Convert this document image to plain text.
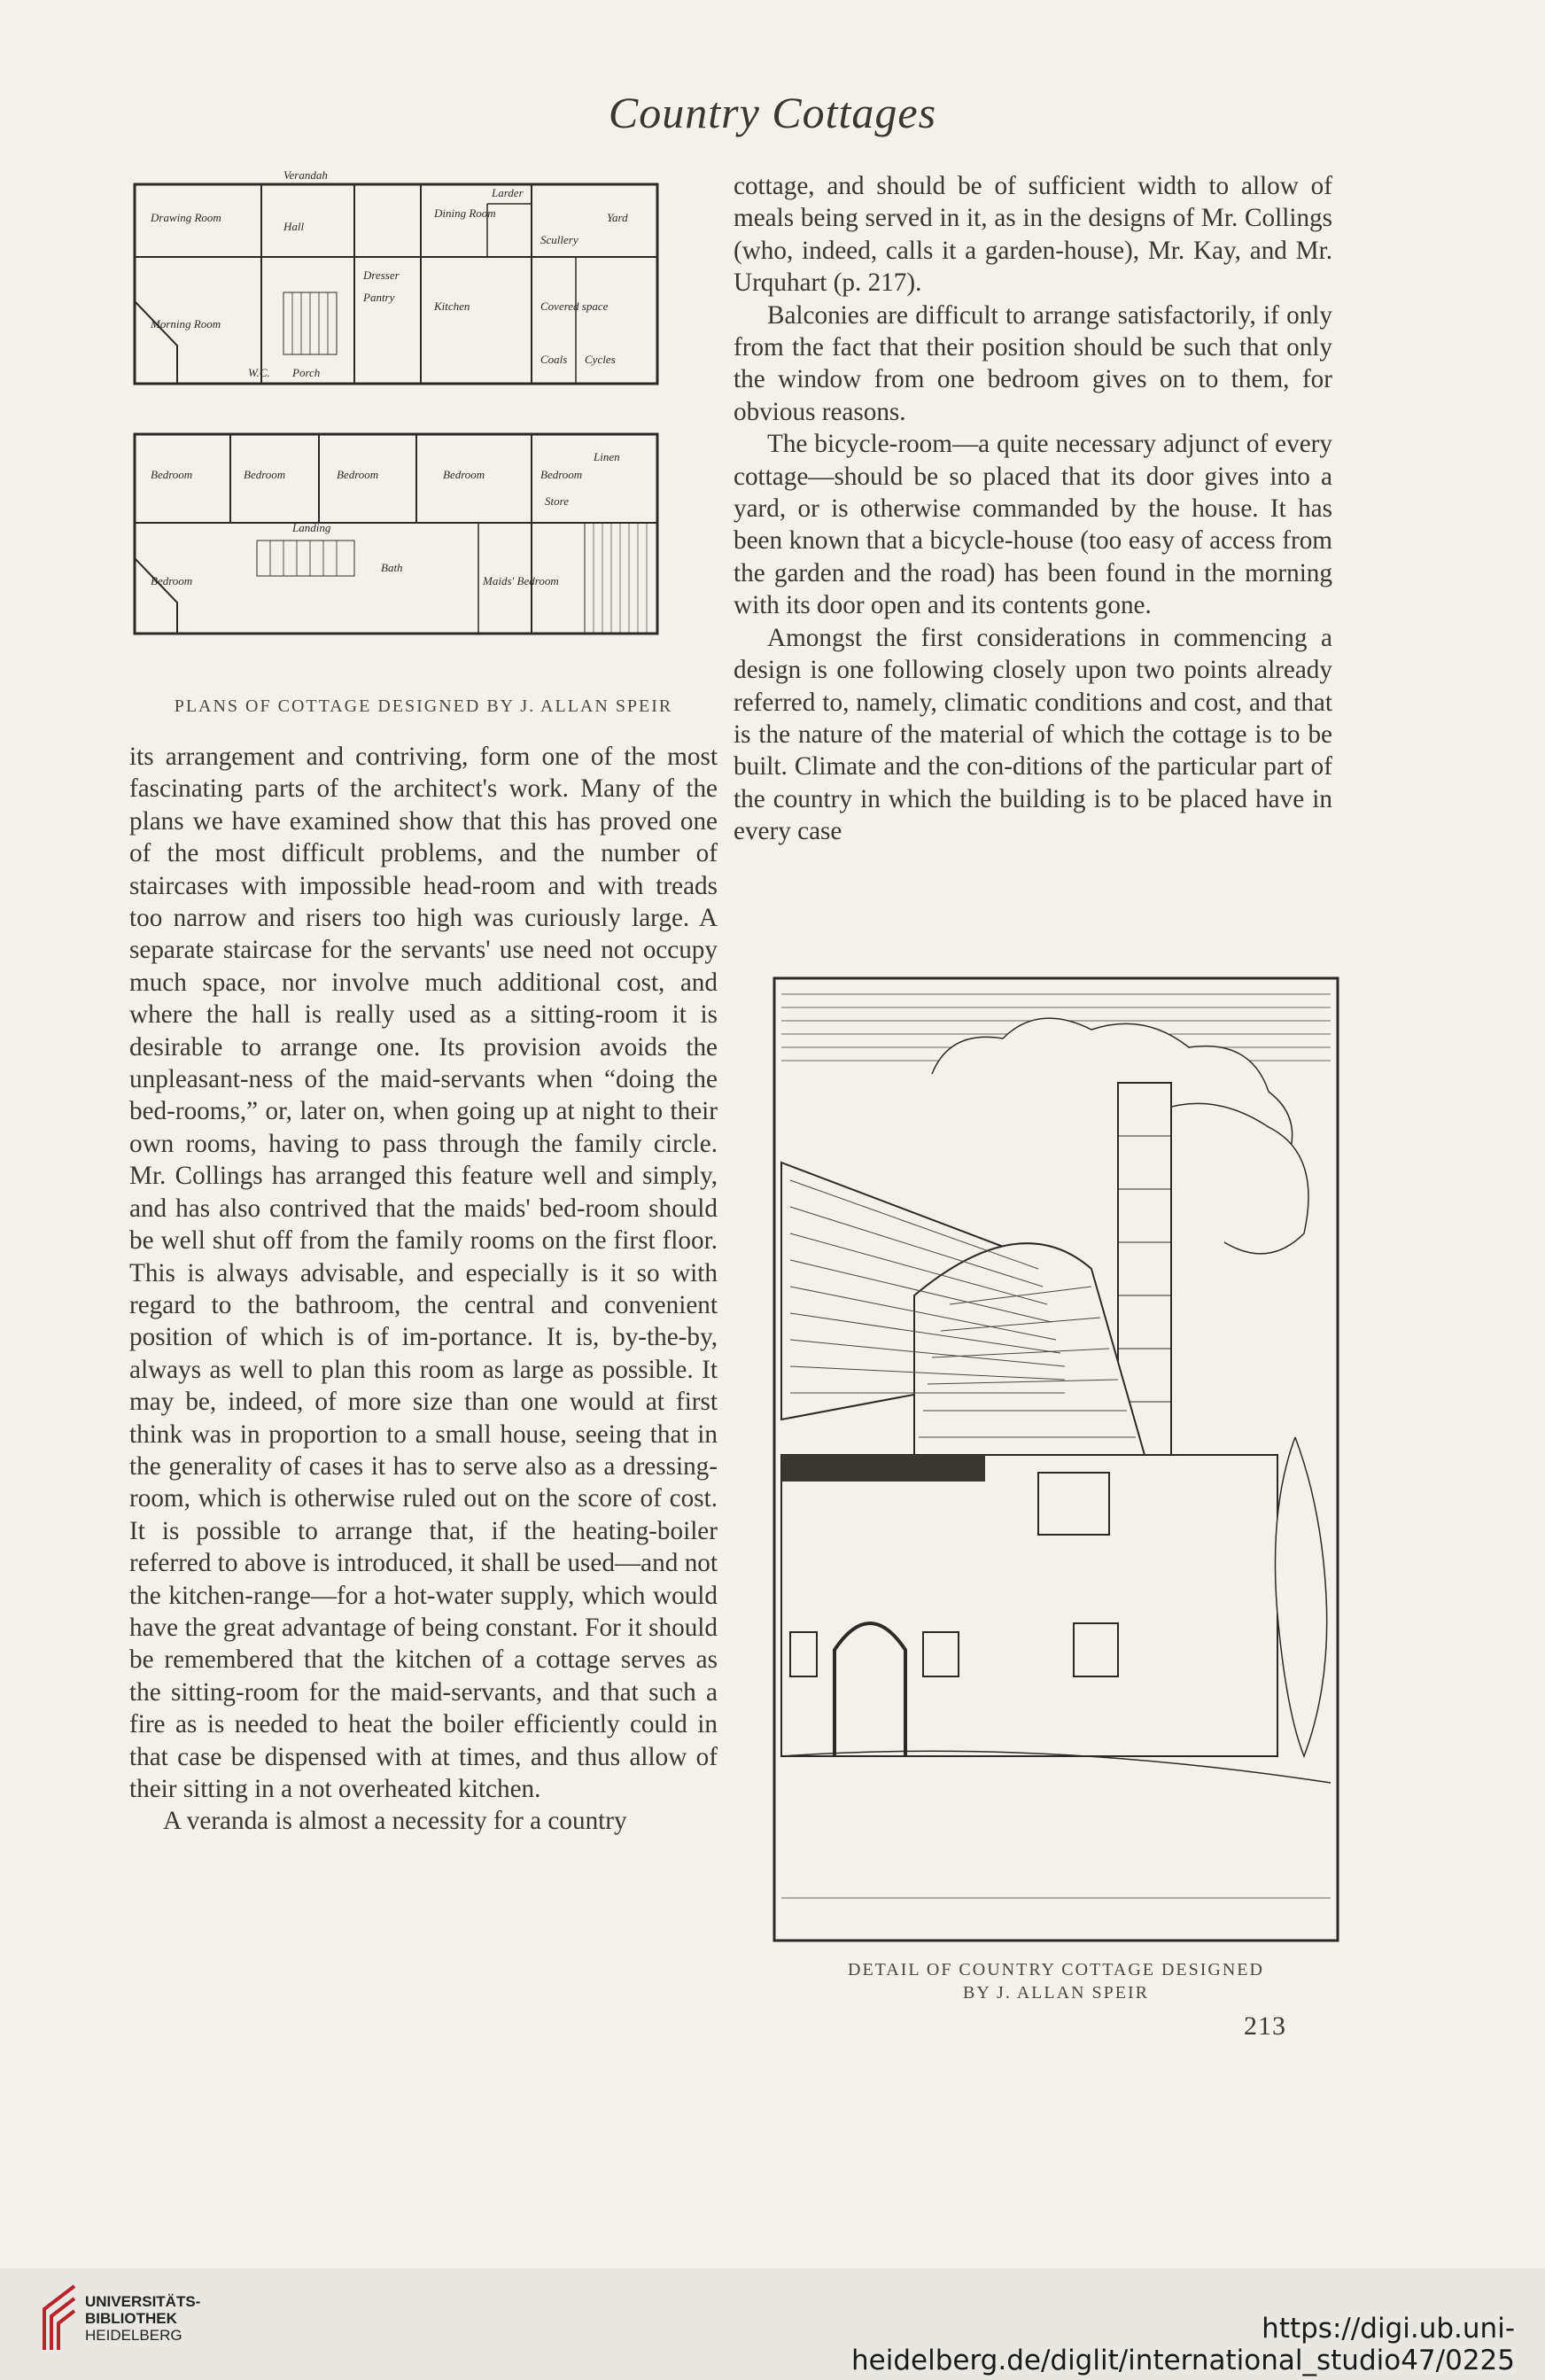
Country Cottages
Drawing Room
Hall
Dining Room
Morning Room
Kitchen
Scullery
Larder
Verandah
Yard
Coals Cycles
Covered space
Pantry
Dresser
Porch
W.C.
Bedroom	Bedroom	Bedroom	Bedroom	Bedroom
Bedroom
Landing
Bath
Maids' Bedroom
Store
Linen
PLANS OF COTTAGE DESIGNED BY J. ALLAN SPEIR

its arrangement and contriving, form one of the most fascinating parts of the architect's work. Many of the plans we have examined show that this has proved one of the most difficult problems, and the number of staircases with impossible head-room and with treads too narrow and risers too high was curiously large. A separate staircase for the servants' use need not occupy much space, nor involve much additional cost, and where the hall is really used as a sitting-room it is desirable to arrange one. Its provision avoids the unpleasant-ness of the maid-servants when “doing the bed-rooms,” or, later on, when going up at night to their own rooms, having to pass through the family circle. Mr. Collings has arranged this feature well and simply, and has also contrived that the maids' bed-room should be well shut off from the family rooms on the first floor. This is always advisable, and especially is it so with regard to the bathroom, the central and convenient position of which is of im-portance. It is, by-the-by, always as well to plan this room as large as possible. It may be, indeed, of more size than one would at first think was in proportion to a small house, seeing that in the generality of cases it has to serve also as a dressing-room, which is otherwise ruled out on the score of cost. It is possible to arrange that, if the heating-boiler referred to above is introduced, it shall be used—and not the kitchen-range—for a hot-water supply, which would have the great advantage of being constant. For it should be remembered that the kitchen of a cottage serves as the sitting-room for the maid-servants, and that such a fire as is needed to heat the boiler efficiently could in that case be dispensed with at times, and thus allow of their sitting in a not overheated kitchen.

A veranda is almost a necessity for a country

cottage, and should be of sufficient width to allow of meals being served in it, as in the designs of Mr. Collings (who, indeed, calls it a garden-house), Mr. Kay, and Mr. Urquhart (p. 217).

Balconies are difficult to arrange satisfactorily, if only from the fact that their position should be such that only the window from one bedroom gives on to them, for obvious reasons.

The bicycle-room—a quite necessary adjunct of every cottage—should be so placed that its door gives into a yard, or is otherwise commanded by the house. It has been known that a bicycle-house (too easy of access from the garden and the road) has been found in the morning with its door open and its contents gone.

Amongst the first considerations in commencing a design is one following closely upon two points already referred to, namely, climatic conditions and cost, and that is the nature of the material of which the cottage is to be built. Climate and the con-ditions of the particular part of the country in which the building is to be placed have in every case

DETAIL OF COUNTRY COTTAGE DESIGNED
BY J. ALLAN SPEIR
213
UNIVERSITÄTS-
BIBLIOTHEK
HEIDELBERG	https://digi.ub.uni-heidelberg.de/diglit/international_studio47/0225
